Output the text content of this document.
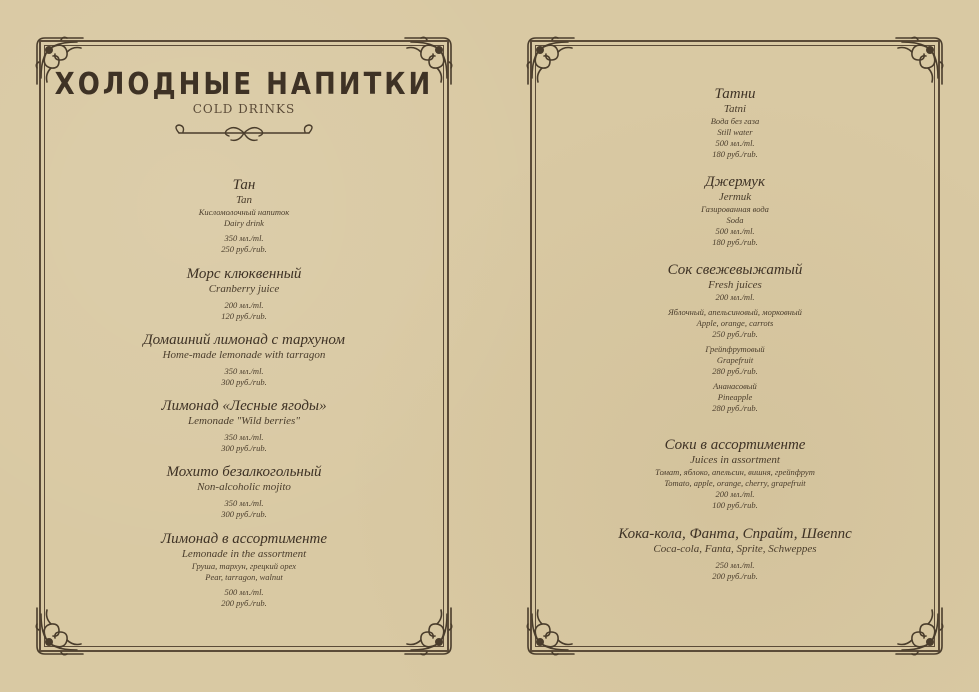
ХОЛОДНЫЕ НАПИТКИ
COLD DRINKS
Тан
Tan
Кисломолочный напиток
Dairy drink
350 мл./ml.
250 руб./rub.
Морс клюквенный
Cranberry juice
200 мл./ml.
120 руб./rub.
Домашний лимонад с тархуном
Home-made lemonade with tarragon
350 мл./ml.
300 руб./rub.
Лимонад «Лесные ягоды»
Lemonade "Wild berries"
350 мл./ml.
300 руб./rub.
Мохито безалкогольный
Non-alcoholic mojito
350 мл./ml.
300 руб./rub.
Лимонад в ассортименте
Lemonade in the assortment
Груша, тархун, грецкий орех
Pear, tarragon, walnut
500 мл./ml.
200 руб./rub.
Татни
Tatni
Вода без газа
Still water
500 мл./ml.
180 руб./rub.
Джермук
Jermuk
Газированная вода
Soda
500 мл./ml.
180 руб./rub.
Сок свежевыжатый
Fresh juices
200 мл./ml.
Яблочный, апельсиновый, морковный
Apple, orange, carrots
250 руб./rub.
Грейпфрутовый
Grapefruit
280 руб./rub.
Ананасовый
Pineapple
280 руб./rub.
Соки в ассортименте
Juices in assortment
Томат, яблоко, апельсин, вишня, грейпфрут
Tomato, apple, orange, cherry, grapefruit
200 мл./ml.
100 руб./rub.
Кока-кола, Фанта, Спрайт, Швеппс
Coca-cola, Fanta, Sprite, Schweppes
250 мл./ml.
200 руб./rub.
